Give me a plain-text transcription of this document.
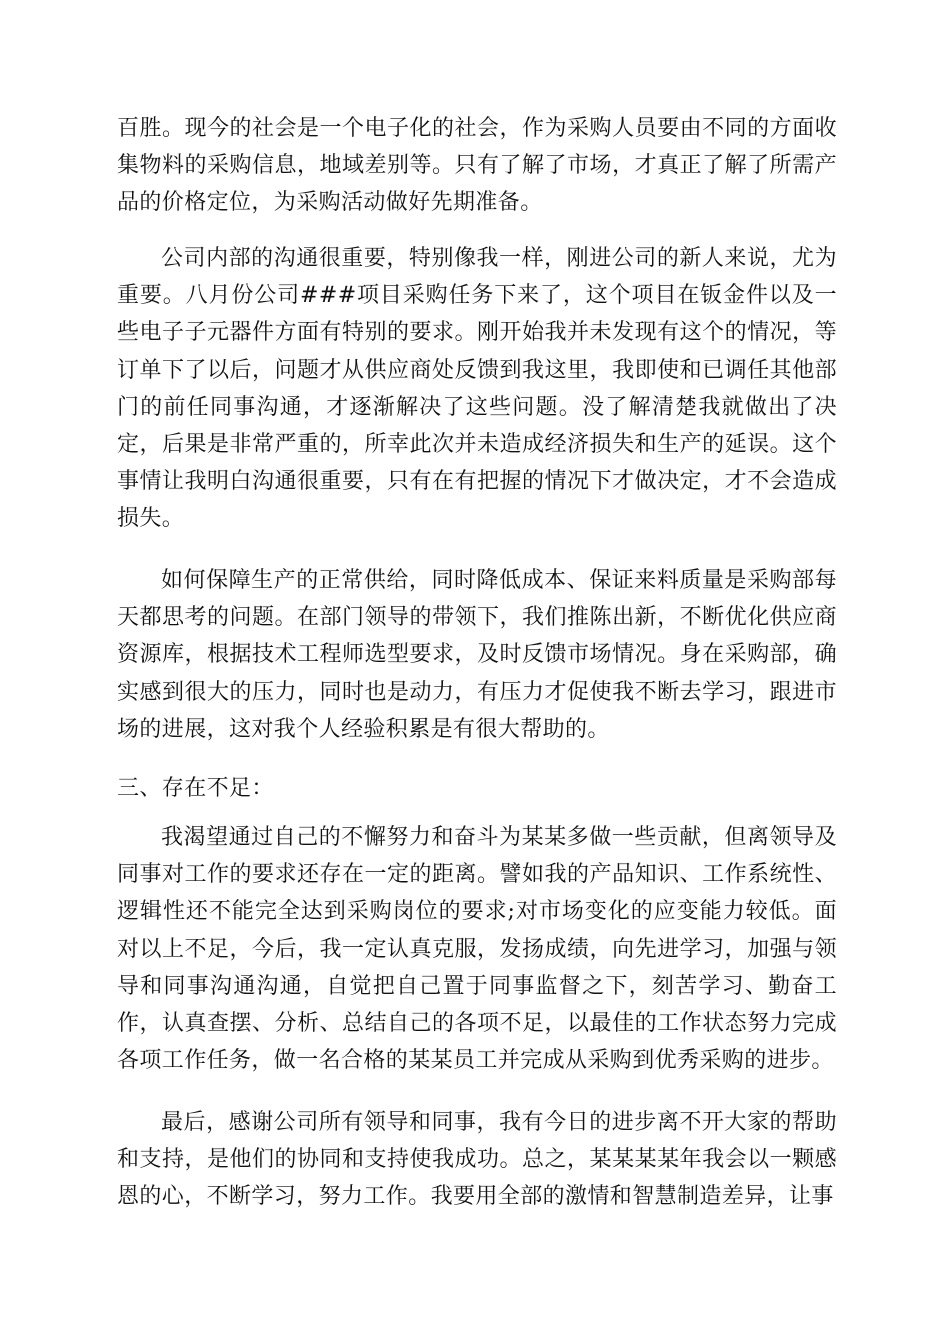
百胜。现今的社会是一个电子化的社会，作为采购人员要由不同的方面收集物料的采购信息，地域差别等。只有了解了市场，才真正了解了所需产品的价格定位，为采购活动做好先期准备。

公司内部的沟通很重要，特别像我一样，刚进公司的新人来说，尤为重要。八月份公司###项目采购任务下来了，这个项目在钣金件以及一些电子子元器件方面有特别的要求。刚开始我并未发现有这个的情况，等订单下了以后，问题才从供应商处反馈到我这里，我即使和已调任其他部门的前任同事沟通，才逐渐解决了这些问题。没了解清楚我就做出了决定，后果是非常严重的，所幸此次并未造成经济损失和生产的延误。这个事情让我明白沟通很重要，只有在有把握的情况下才做决定，才不会造成损失。

如何保障生产的正常供给，同时降低成本、保证来料质量是采购部每天都思考的问题。在部门领导的带领下，我们推陈出新，不断优化供应商资源库，根据技术工程师选型要求，及时反馈市场情况。身在采购部，确实感到很大的压力，同时也是动力，有压力才促使我不断去学习，跟进市场的进展，这对我个人经验积累是有很大帮助的。

三、存在不足：

我渴望通过自己的不懈努力和奋斗为某某多做一些贡献，但离领导及同事对工作的要求还存在一定的距离。譬如我的产品知识、工作系统性、逻辑性还不能完全达到采购岗位的要求;对市场变化的应变能力较低。面对以上不足，今后，我一定认真克服，发扬成绩，向先进学习，加强与领导和同事沟通沟通，自觉把自己置于同事监督之下，刻苦学习、勤奋工作，认真查摆、分析、总结自己的各项不足，以最佳的工作状态努力完成各项工作任务，做一名合格的某某员工并完成从采购到优秀采购的进步。

最后，感谢公司所有领导和同事，我有今日的进步离不开大家的帮助和支持，是他们的协同和支持使我成功。总之，某某某某年我会以一颗感恩的心，不断学习，努力工作。我要用全部的激情和智慧制造差异，让事
